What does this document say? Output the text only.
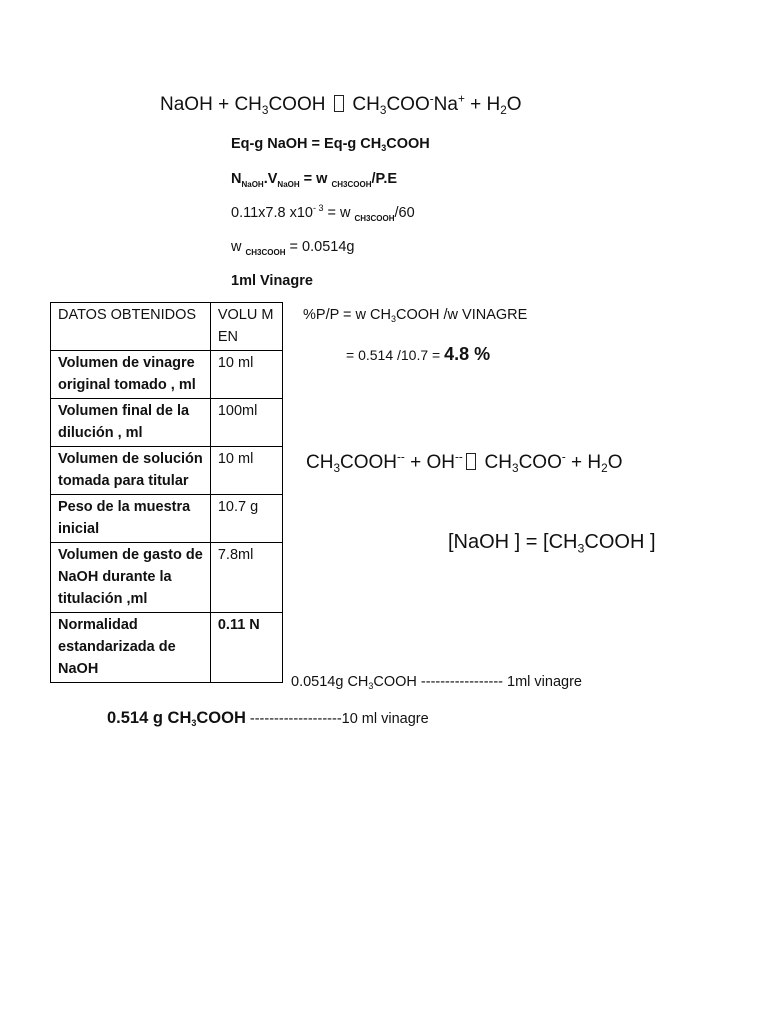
NaOH + $CH_3COOH$  $CH_3COO^-Na^+ + H_2O$
Eq-g NaOH = Eq-g $CH_3COOH$
$N_{NaOH}.V_{NaOH} = w$ $_{CH3COOH}$/P.E
0.11x7.8 $x10^{- 3} = w$ $_{CH3COOH}$/60
w $_{CH3COOH}$ = 0.0514g
1ml Vinagre
DATOS OBTENIDOS	VOLU MEN
Volumen de vinagre original tomado , ml	10 ml
Volumen final de la dilución , ml	100ml
Volumen de solución tomada para titular	10 ml
Peso de la muestra inicial	10.7 g
Volumen de gasto de NaOH durante la titulación ,ml	7.8ml
Normalidad estandarizada de NaOH	0.11 N
%P/P = w $CH_3COOH$ /w VINAGRE
= 0.514 /10.7 = 4.8 %
$CH_3COOH^{--} + OH^{--}$ $CH_3COO^- + H_2O$
[NaOH ] = [$CH_3COOH$ ]
0.0514g $CH_3COOH$ ----------------- 1ml vinagre
0.514 g $CH_3COOH$ -------------------10 ml vinagre
